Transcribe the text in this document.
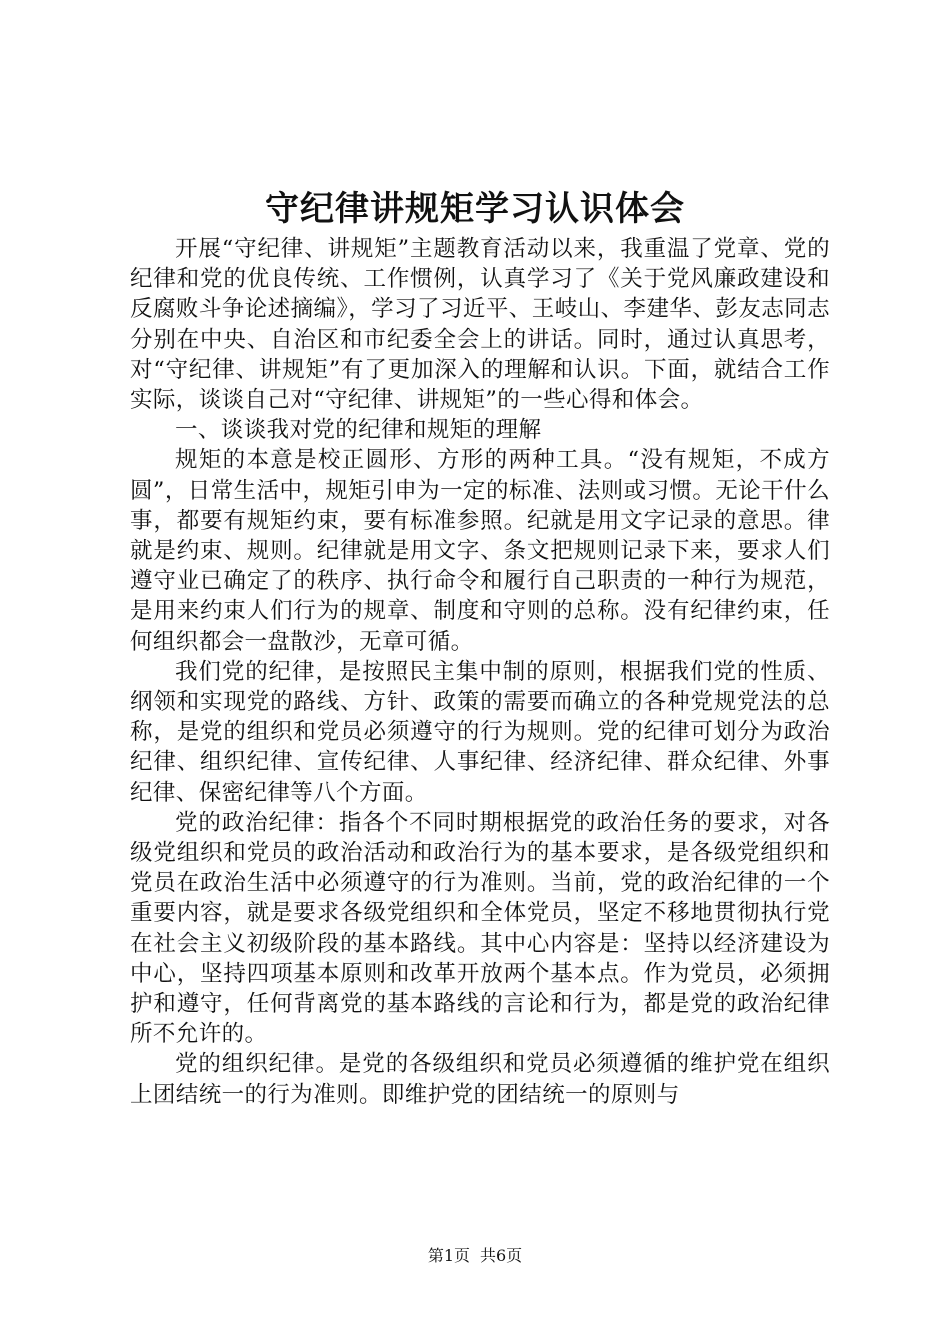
守纪律讲规矩学习认识体会

开展“守纪律、讲规矩”主题教育活动以来，我重温了党章、党的纪律和党的优良传统、工作惯例，认真学习了《关于党风廉政建设和反腐败斗争论述摘编》，学习了习近平、王岐山、李建华、彭友志同志分别在中央、自治区和市纪委全会上的讲话。同时，通过认真思考，对“守纪律、讲规矩”有了更加深入的理解和认识。下面，就结合工作实际，谈谈自己对“守纪律、讲规矩”的一些心得和体会。

一、谈谈我对党的纪律和规矩的理解

规矩的本意是校正圆形、方形的两种工具。“没有规矩，不成方圆”，日常生活中，规矩引申为一定的标准、法则或习惯。无论干什么事，都要有规矩约束，要有标准参照。纪就是用文字记录的意思。律就是约束、规则。纪律就是用文字、条文把规则记录下来，要求人们遵守业已确定了的秩序、执行命令和履行自己职责的一种行为规范，是用来约束人们行为的规章、制度和守则的总称。没有纪律约束，任何组织都会一盘散沙，无章可循。

我们党的纪律，是按照民主集中制的原则，根据我们党的性质、纲领和实现党的路线、方针、政策的需要而确立的各种党规党法的总称，是党的组织和党员必须遵守的行为规则。党的纪律可划分为政治纪律、组织纪律、宣传纪律、人事纪律、经济纪律、群众纪律、外事纪律、保密纪律等八个方面。

党的政治纪律：指各个不同时期根据党的政治任务的要求，对各级党组织和党员的政治活动和政治行为的基本要求，是各级党组织和党员在政治生活中必须遵守的行为准则。当前，党的政治纪律的一个重要内容，就是要求各级党组织和全体党员，坚定不移地贯彻执行党在社会主义初级阶段的基本路线。其中心内容是：坚持以经济建设为中心，坚持四项基本原则和改革开放两个基本点。作为党员，必须拥护和遵守，任何背离党的基本路线的言论和行为，都是党的政治纪律所不允许的。

党的组织纪律。是党的各级组织和党员必须遵循的维护党在组织上团结统一的行为准则。即维护党的团结统一的原则与

第1页 共6页
